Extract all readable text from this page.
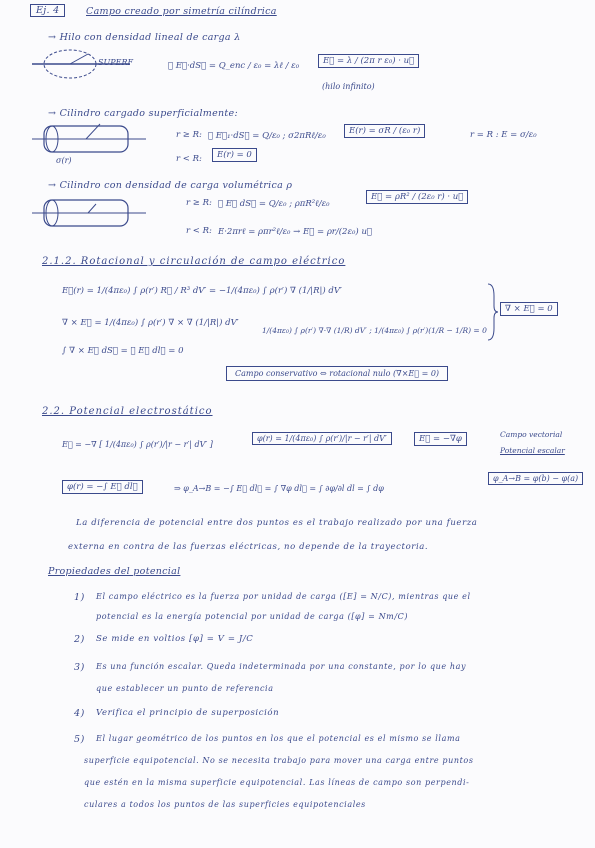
Ej. 4	Campo creado por simetría cilíndrica
→ Hilo con densidad lineal de carga λ
SUPERF	∮ E⃗·dS⃗ = Q_enc / ε₀ = λℓ / ε₀	E⃗ = λ / (2π r ε₀) · u⃗
(hilo infinito)
→ Cilindro cargado superficialmente:
σ(r)
r ≥ R: ∮ E⃗₁·dS⃗ = Q/ε₀ ; σ2πRℓ/ε₀	E(r) = σR / (ε₀ r)	r = R : E = σ/ε₀
r < R:	E(r) = 0
→ Cilindro con densidad de carga volumétrica ρ
r ≥ R: ∮ E⃗ dS⃗ = Q/ε₀ ; ρπR²ℓ/ε₀
E⃗ = ρR² / (2ε₀ r) · u⃗
r < R: E·2πrℓ = ρπr²ℓ/ε₀ → E⃗ = ρr/(2ε₀) u⃗
2.1.2. Rotacional y circulación de campo eléctrico
E⃗(r) = 1/(4πε₀) ∫ ρ(r′) R⃗ / R³ dV′ = −1/(4πε₀) ∫ ρ(r′) ∇ (1/|R|) dV′
∇ × E⃗ = 1/(4πε₀) ∫ ρ(r′) ∇ × ∇ (1/|R|) dV′
1/(4πε₀) ∫ ρ(r′) ∇·∇ (1/R) dV′ ; 1/(4πε₀) ∫ ρ(r′)(1/R − 1/R) = 0
∫ ∇ × E⃗ dS⃗ = ∮ E⃗ dl⃗ = 0
∇ × E⃗ = 0
Campo conservativo ⇔ rotacional nulo (∇×E⃗ = 0)
2.2. Potencial electrostático
E⃗ = −∇ [ 1/(4πε₀) ∫ ρ(r′)/|r − r′| dV′ ]
φ(r) = 1/(4πε₀) ∫ ρ(r′)/|r − r′| dV′	E⃗ = −∇φ	Campo vectorial
Potencial escalar
φ(r) = −∫ E⃗ dl⃗	⇒ φ_A→B = −∫ E⃗ dl⃗ = ∫ ∇φ dl⃗ = ∫ ∂φ/∂l dl = ∫ dφ
φ_A→B = φ(b) − φ(a)
La diferencia de potencial entre dos puntos es el trabajo realizado por una fuerza
externa en contra de las fuerzas eléctricas, no depende de la trayectoria.
Propiedades del potencial
1) El campo eléctrico es la fuerza por unidad de carga ([E] = N/C), mientras que el
potencial es la energía potencial por unidad de carga ([φ] = Nm/C)
2) Se mide en voltios [φ] = V = J/C
3) Es una función escalar. Queda indeterminada por una constante, por lo que hay
que establecer un punto de referencia
4) Verifica el principio de superposición
5) El lugar geométrico de los puntos en los que el potencial es el mismo se llama
superficie equipotencial. No se necesita trabajo para mover una carga entre puntos
que estén en la misma superficie equipotencial. Las líneas de campo son perpendi-
culares a todos los puntos de las superficies equipotenciales
